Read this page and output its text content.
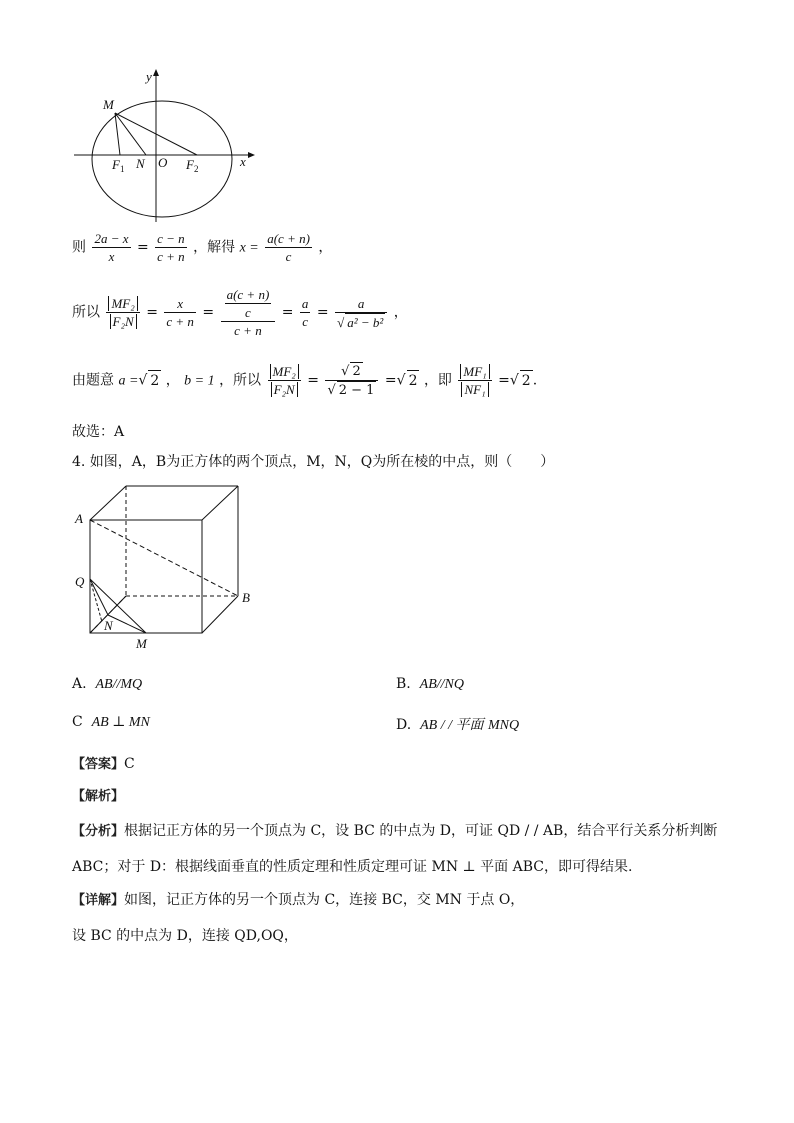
y
x
M
F 1 N O F 2
则 $\frac{2a - x}{x} = \frac{c - n}{c + n}$ ，解得 $x = \frac{a(c + n)}{c}$ ，
所以 $\frac{\text{MF₂}}{\text{F₂N}} = \frac{x}{c + n} = \frac{\frac{a(c + n)}{c}}{c + n} = \frac{a}{c} = \frac{a}{\text{√ a² − b²}}$ ，
由题意 a =√ 2 ， b = 1 ，所以 $\frac{\text{MF₂}}{\text{F₂N}} = \frac{√ 2}{√ 2 - 1}$ =√ 2 ，即 $\frac{\text{MF₁}}{\text{NF₁}}$ =√ 2 .
故选：A
4. 如图，A，B为正方体的两个顶点，M，N，Q为所在棱的中点，则（　　）
A
Q
B
N
M
A. AB//MQ	B. AB//NQ
C AB ⊥ MN	D. AB / / 平面 MNQ
【答案】C
【解析】
【分析】根据记正方体的另一个顶点为 C，设 BC 的中点为 D，可证 QD / / AB，结合平行关系分析判断
ABC；对于 D：根据线面垂直的性质定理和性质定理可证 MN ⊥ 平面 ABC，即可得结果.
【详解】如图，记正方体的另一个顶点为 C，连接 BC，交 MN 于点 O，
设 BC 的中点为 D，连接 QD,OQ，
